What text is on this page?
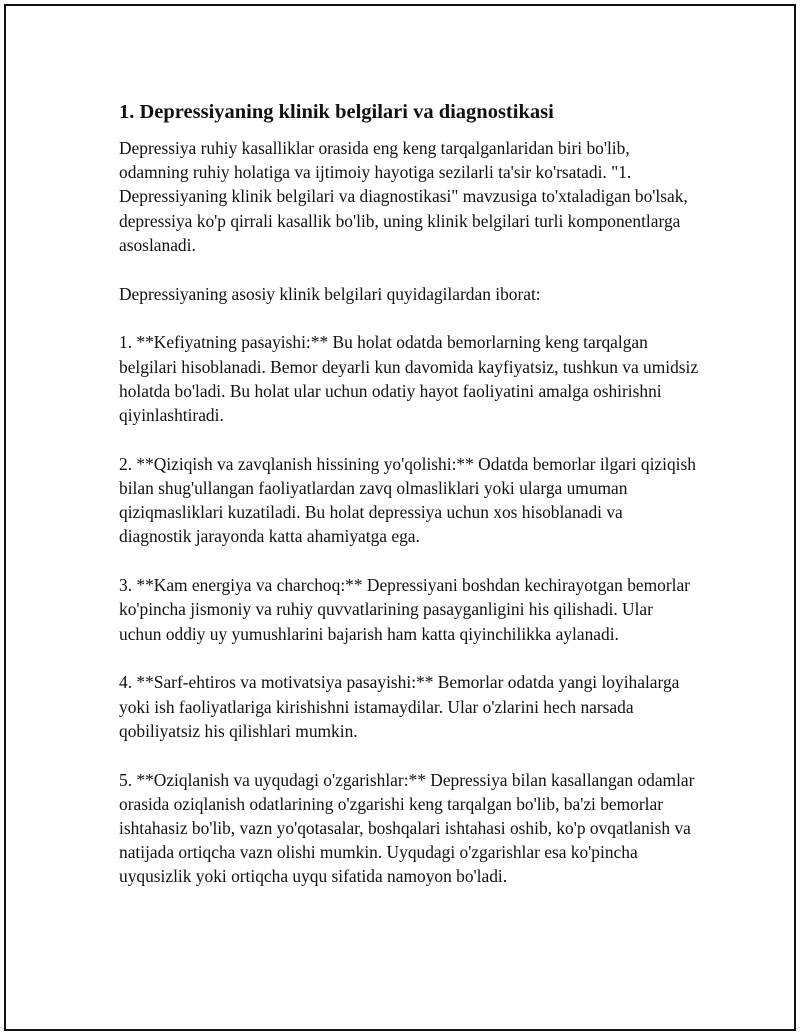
1. Depressiyaning klinik belgilari va diagnostikasi

Depressiya ruhiy kasalliklar orasida eng keng tarqalganlaridan biri bo'lib, odamning ruhiy holatiga va ijtimoiy hayotiga sezilarli ta'sir ko'rsatadi. "1. Depressiyaning klinik belgilari va diagnostikasi" mavzusiga to'xtaladigan bo'lsak, depressiya ko'p qirrali kasallik bo'lib, uning klinik belgilari turli komponentlarga asoslanadi.

Depressiyaning asosiy klinik belgilari quyidagilardan iborat:

1. **Kefiyatning pasayishi:** Bu holat odatda bemorlarning keng tarqalgan belgilari hisoblanadi. Bemor deyarli kun davomida kayfiyatsiz, tushkun va umidsiz holatda bo'ladi. Bu holat ular uchun odatiy hayot faoliyatini amalga oshirishni qiyinlashtiradi.

2. **Qiziqish va zavqlanish hissining yo'qolishi:** Odatda bemorlar ilgari qiziqish bilan shug'ullangan faoliyatlardan zavq olmasliklari yoki ularga umuman qiziqmasliklari kuzatiladi. Bu holat depressiya uchun xos hisoblanadi va diagnostik jarayonda katta ahamiyatga ega.

3. **Kam energiya va charchoq:** Depressiyani boshdan kechirayotgan bemorlar ko'pincha jismoniy va ruhiy quvvatlarining pasayganligini his qilishadi. Ular uchun oddiy uy yumushlarini bajarish ham katta qiyinchilikka aylanadi.

4. **Sarf-ehtiros va motivatsiya pasayishi:** Bemorlar odatda yangi loyihalarga yoki ish faoliyatlariga kirishishni istamaydilar. Ular o'zlarini hech narsada qobiliyatsiz his qilishlari mumkin.

5. **Oziqlanish va uyqudagi o'zgarishlar:** Depressiya bilan kasallangan odamlar orasida oziqlanish odatlarining o'zgarishi keng tarqalgan bo'lib, ba'zi bemorlar ishtahasiz bo'lib, vazn yo'qotasalar, boshqalari ishtahasi oshib, ko'p ovqatlanish va natijada ortiqcha vazn olishi mumkin. Uyqudagi o'zgarishlar esa ko'pincha uyqusizlik yoki ortiqcha uyqu sifatida namoyon bo'ladi.
